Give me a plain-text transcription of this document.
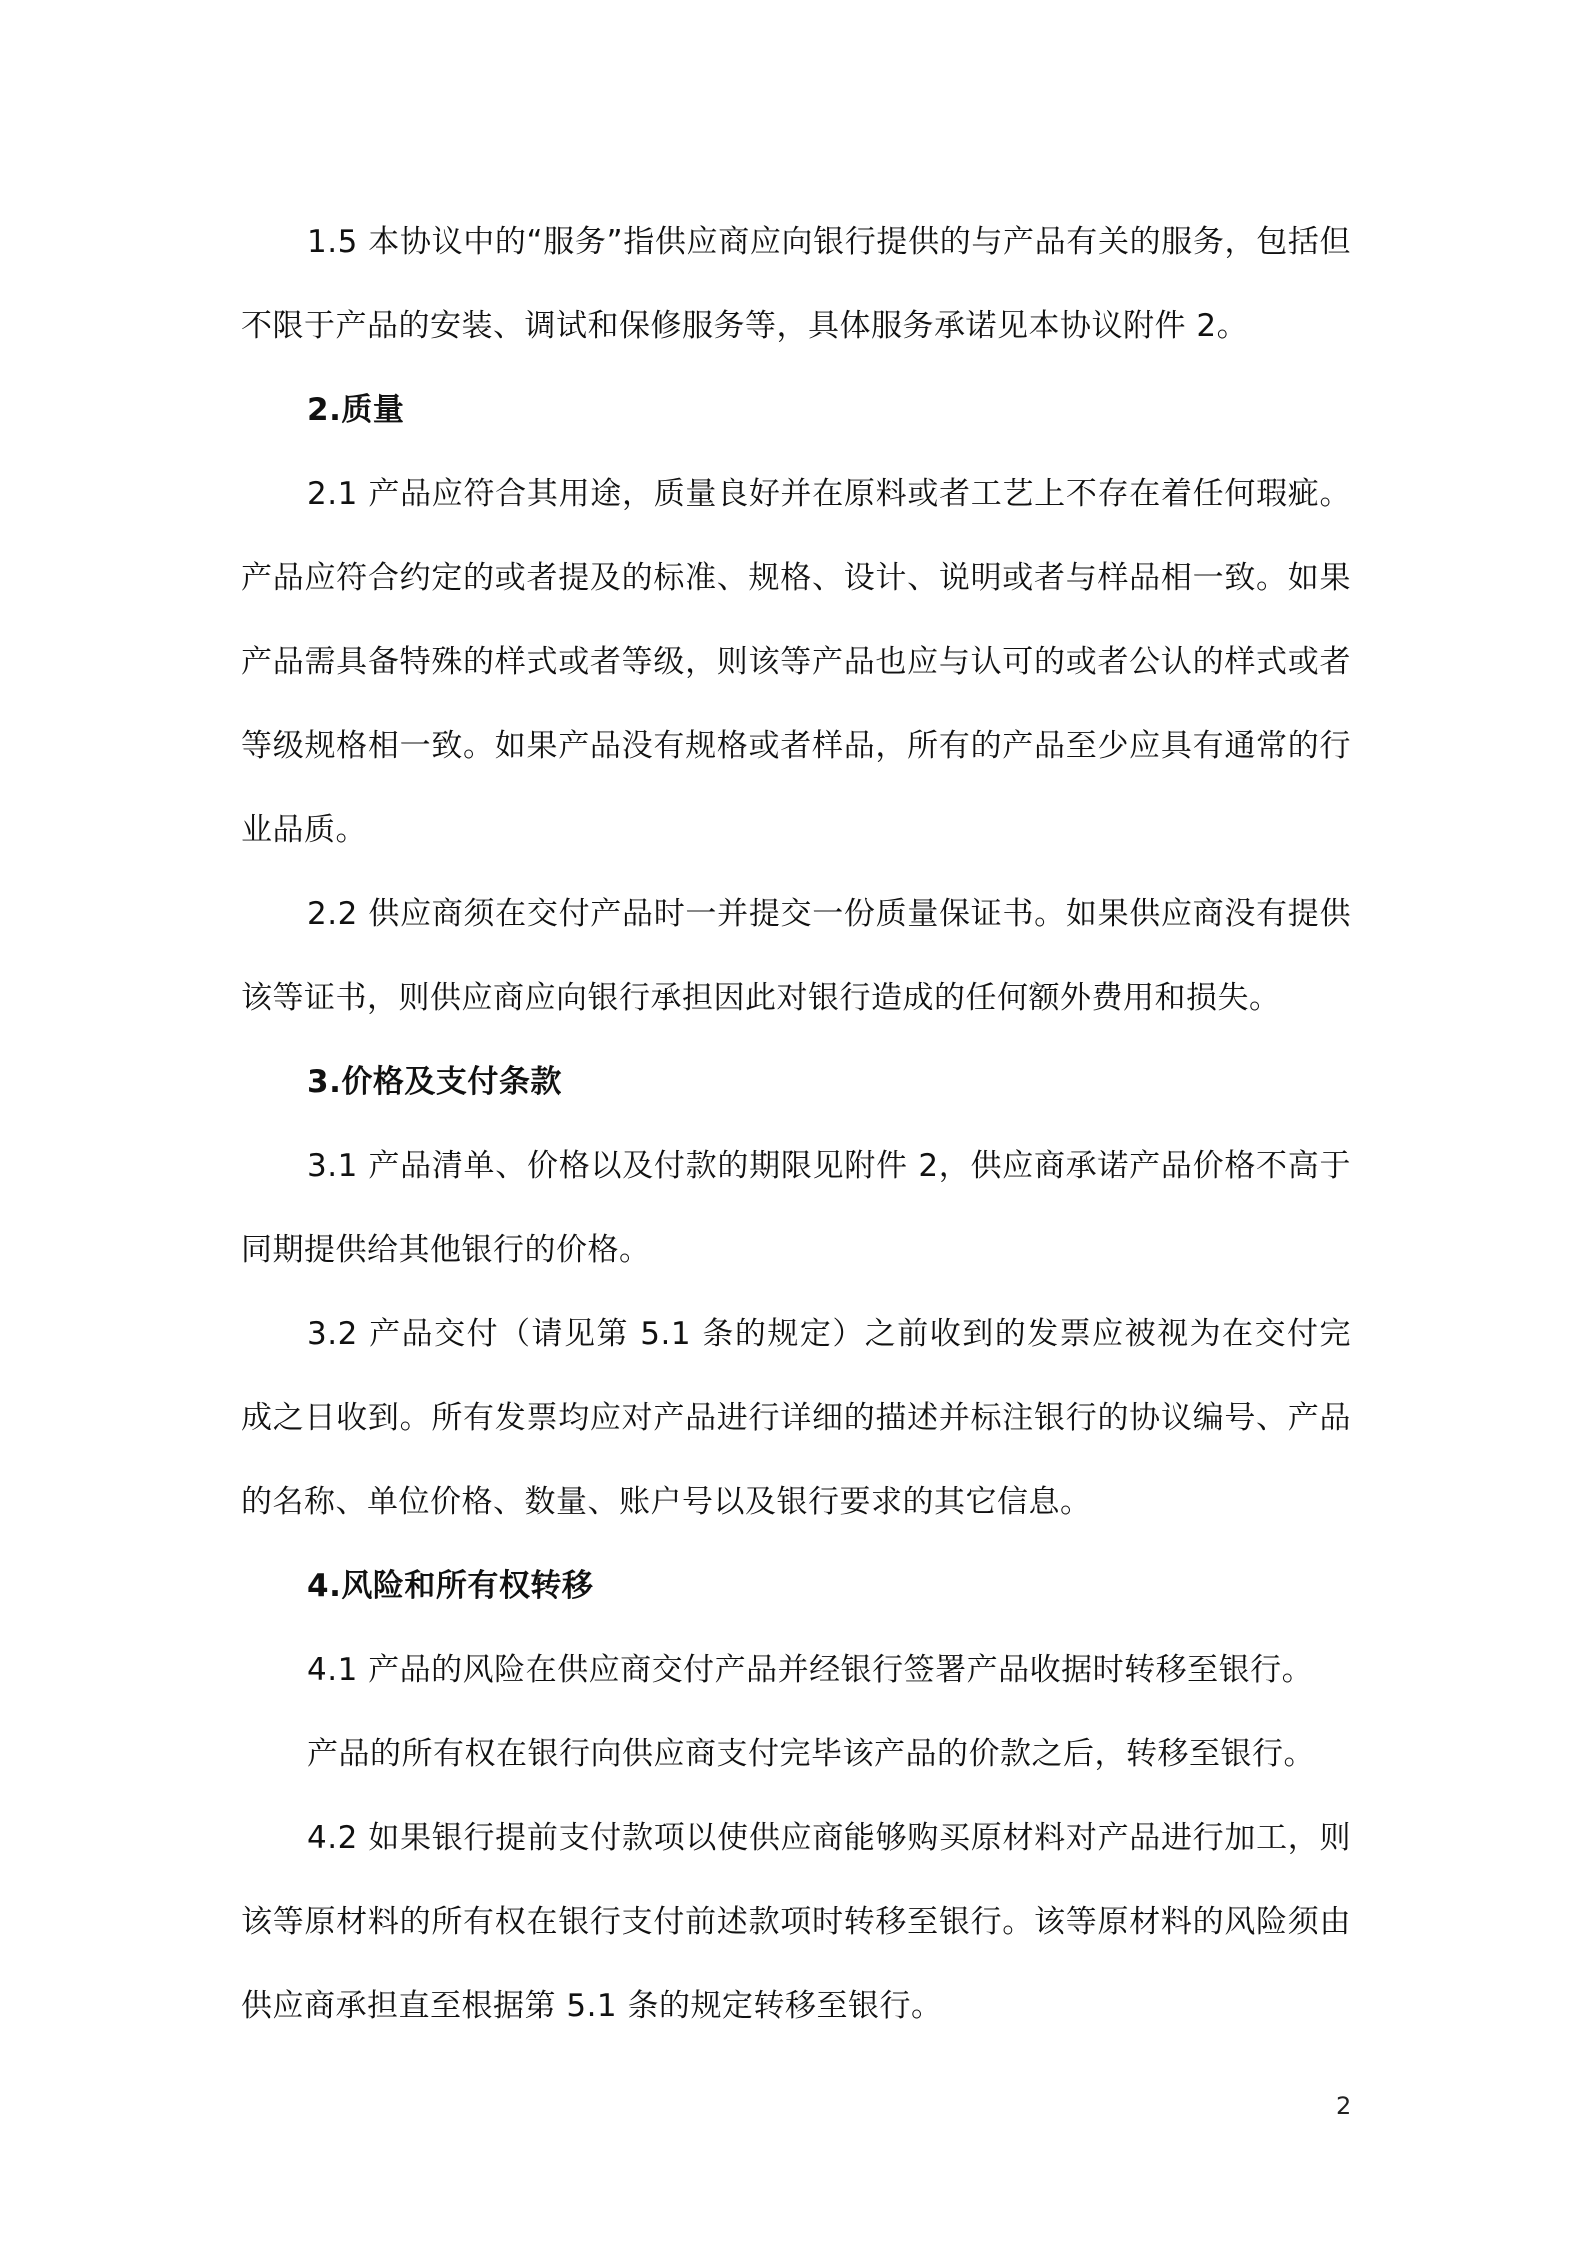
1.5 本协议中的“服务”指供应商应向银行提供的与产品有关的服务，包括但不限于产品的安装、调试和保修服务等，具体服务承诺见本协议附件 2。

2.质量

2.1 产品应符合其用途，质量良好并在原料或者工艺上不存在着任何瑕疵。产品应符合约定的或者提及的标准、规格、设计、说明或者与样品相一致。如果产品需具备特殊的样式或者等级，则该等产品也应与认可的或者公认的样式或者等级规格相一致。如果产品没有规格或者样品，所有的产品至少应具有通常的行业品质。

2.2 供应商须在交付产品时一并提交一份质量保证书。如果供应商没有提供该等证书，则供应商应向银行承担因此对银行造成的任何额外费用和损失。

3.价格及支付条款

3.1 产品清单、价格以及付款的期限见附件 2，供应商承诺产品价格不高于同期提供给其他银行的价格。

3.2 产品交付（请见第 5.1 条的规定）之前收到的发票应被视为在交付完成之日收到。所有发票均应对产品进行详细的描述并标注银行的协议编号、产品的名称、单位价格、数量、账户号以及银行要求的其它信息。

4.风险和所有权转移

4.1 产品的风险在供应商交付产品并经银行签署产品收据时转移至银行。

产品的所有权在银行向供应商支付完毕该产品的价款之后，转移至银行。

4.2 如果银行提前支付款项以使供应商能够购买原材料对产品进行加工，则该等原材料的所有权在银行支付前述款项时转移至银行。该等原材料的风险须由供应商承担直至根据第 5.1 条的规定转移至银行。

2
